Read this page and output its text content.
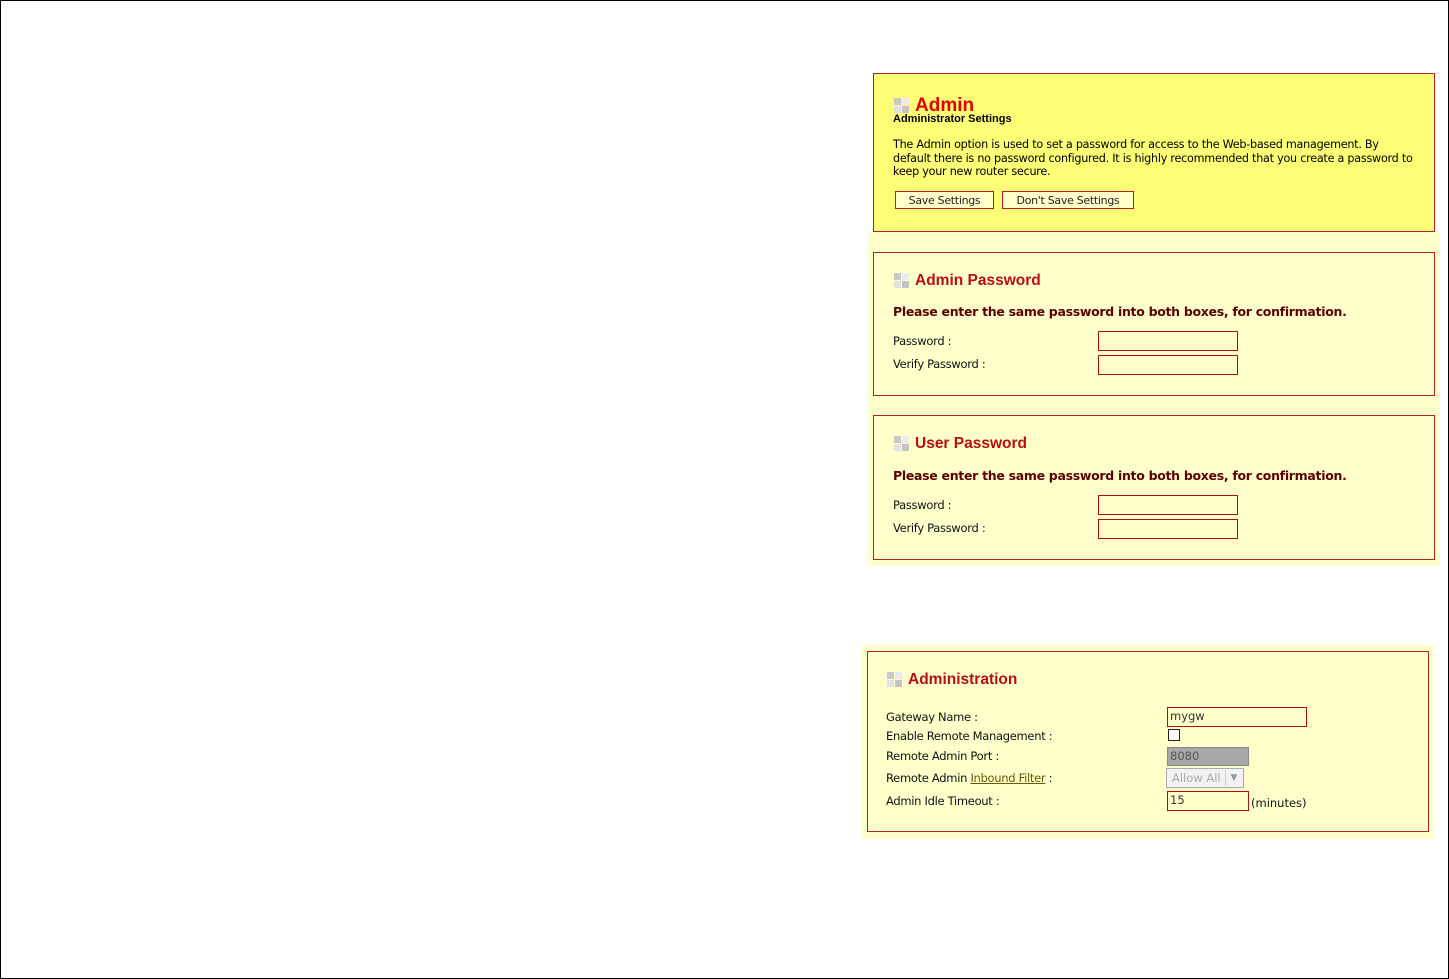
Admin
Administrator Settings
The Admin option is used to set a password for access to the Web-based management. By
default there is no password configured. It is highly recommended that you create a password to
keep your new router secure.
Save Settings	Don't Save Settings
Admin Password
Please enter the same password into both boxes, for confirmation.
Password :
Verify Password :
User Password
Please enter the same password into both boxes, for confirmation.
Password :
Verify Password :
Administration
Gateway Name :	mygw
Enable Remote Management :
Remote Admin Port :	8080
Remote Admin Inbound Filter :	Allow All	▼
Admin Idle Timeout :	15	(minutes)
